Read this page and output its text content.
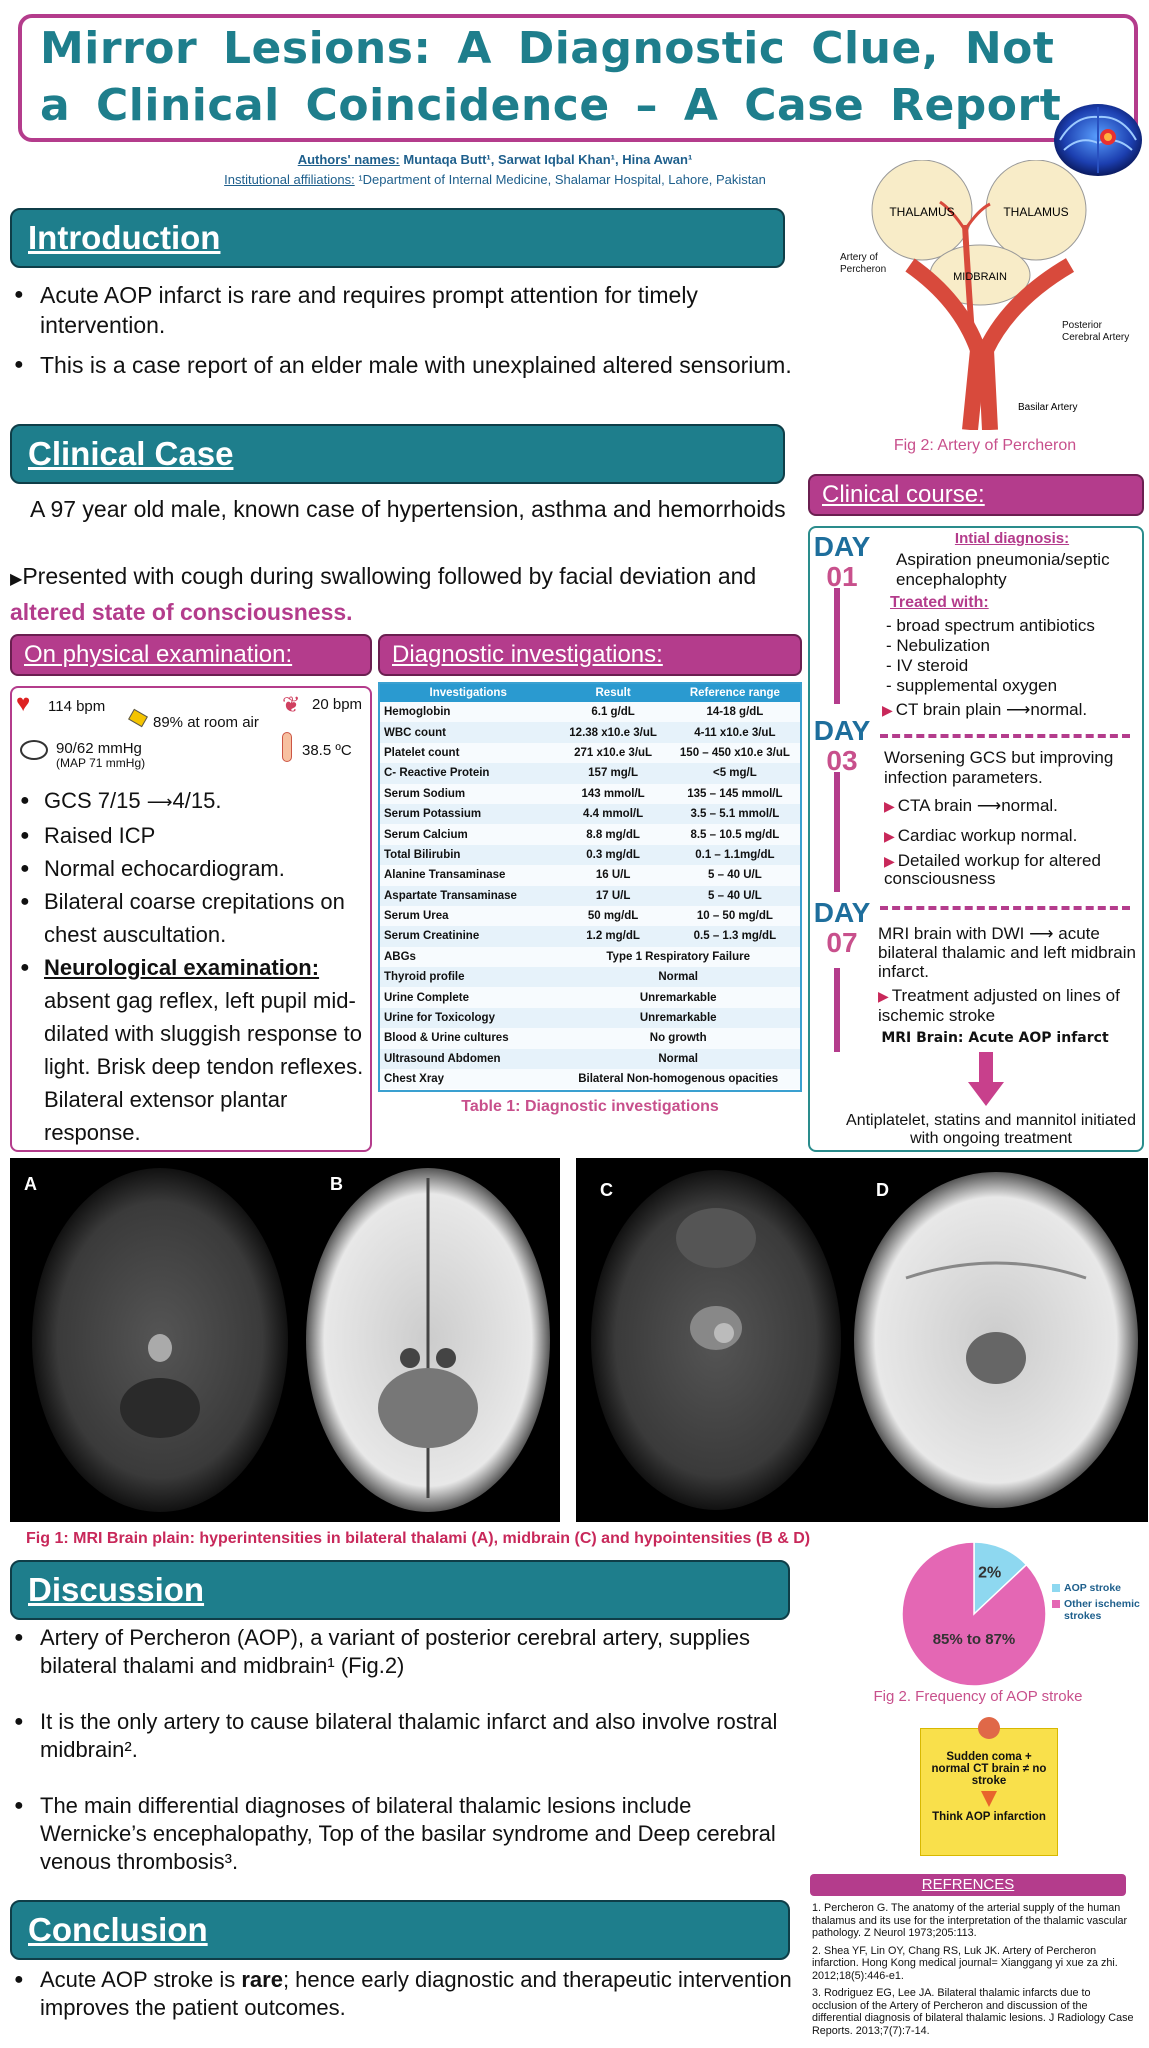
Mirror Lesions: A Diagnostic Clue, Not a Clinical Coincidence – A Case Report
Authors' names: Muntaqa Butt¹, Sarwat Iqbal Khan¹, Hina Awan¹
Institutional affiliations: ¹Department of Internal Medicine, Shalamar Hospital, Lahore, Pakistan
Introduction
● Acute AOP infarct is rare and requires prompt attention for timely intervention.
● This is a case report of an elder male with unexplained altered sensorium.
THALAMUS	THALAMUS
MIDBRAIN
Artery of Percheron
Posterior Cerebral Artery
Basilar Artery
Fig 2: Artery of Percheron
Clinical Case
A 97 year old male, known case of hypertension, asthma and hemorrhoids
▶Presented with cough during swallowing followed by facial deviation and altered state of consciousness.
Clinical course:
On physical examination:
♥ 114 bpm
89% at room air
❦ 20 bpm
90/62 mmHg
(MAP 71 mmHg)
38.5 ºC
● GCS 7/15 ⟶4/15.
● Raised ICP
● Normal echocardiogram.
● Bilateral coarse crepitations on chest auscultation.
● Neurological examination: absent gag reflex, left pupil mid-dilated with sluggish response to light. Brisk deep tendon reflexes. Bilateral extensor plantar response.
Diagnostic investigations:
Investigations	Result	Reference range
Hemoglobin	6.1 g/dL	14-18 g/dL
WBC count	12.38 x10.e 3/uL	4-11 x10.e 3/uL
Platelet count	271 x10.e 3/uL	150 – 450 x10.e 3/uL
C- Reactive Protein	157 mg/L	<5 mg/L
Serum Sodium	143 mmol/L	135 – 145 mmol/L
Serum Potassium	4.4 mmol/L	3.5 – 5.1 mmol/L
Serum Calcium	8.8 mg/dL	8.5 – 10.5 mg/dL
Total Bilirubin	0.3 mg/dL	0.1 – 1.1mg/dL
Alanine Transaminase	16 U/L	5 – 40 U/L
Aspartate Transaminase	17 U/L	5 – 40 U/L
Serum Urea	50 mg/dL	10 – 50 mg/dL
Serum Creatinine	1.2 mg/dL	0.5 – 1.3 mg/dL
ABGs	Type 1 Respiratory Failure	
Thyroid profile	Normal	
Urine Complete	Unremarkable	
Urine for Toxicology	Unremarkable	
Blood & Urine cultures	No growth	
Ultrasound Abdomen	Normal	
Chest Xray	Bilateral Non-homogenous opacities	
Table 1: Diagnostic investigations
DAY
01
Intial diagnosis:
Aspiration pneumonia/septic encephalophty
Treated with:
- broad spectrum antibiotics
- Nebulization
- IV steroid
- supplemental oxygen
▶ CT brain plain ⟶normal.
DAY
03	Worsening GCS but improving infection parameters.
▶ CTA brain ⟶normal.
▶ Cardiac workup normal.
▶ Detailed workup for altered consciousness
DAY
07	MRI brain with DWI ⟶ acute bilateral thalamic and left midbrain infarct.
▶ Treatment adjusted on lines of ischemic stroke
MRI Brain: Acute AOP infarct
Antiplatelet, statins and mannitol initiated with ongoing treatment
A	B	C	D
Fig 1: MRI Brain plain: hyperintensities in bilateral thalami (A), midbrain (C) and hypointensities (B & D)
2%
85% to 87%
AOP stroke
Other ischemic strokes
Fig 2. Frequency of AOP stroke
Sudden coma + normal CT brain ≠ no stroke
Think AOP infarction
Discussion
● Artery of Percheron (AOP), a variant of posterior cerebral artery, supplies bilateral thalami and midbrain¹ (Fig.2)
● It is the only artery to cause bilateral thalamic infarct and also involve rostral midbrain².
● The main differential diagnoses of bilateral thalamic lesions include Wernicke’s encephalopathy, Top of the basilar syndrome and Deep cerebral venous thrombosis³.
Conclusion
● Acute AOP stroke is rare; hence early diagnostic and therapeutic intervention improves the patient outcomes.
REFRENCES

1. Percheron G. The anatomy of the arterial supply of the human thalamus and its use for the interpretation of the thalamic vascular pathology. Z Neurol 1973;205:113.

2. Shea YF, Lin OY, Chang RS, Luk JK. Artery of Percheron infarction. Hong Kong medical journal= Xianggang yi xue za zhi. 2012;18(5):446-e1.

3. Rodriguez EG, Lee JA. Bilateral thalamic infarcts due to occlusion of the Artery of Percheron and discussion of the differential diagnosis of bilateral thalamic lesions. J Radiology Case Reports. 2013;7(7):7-14.
